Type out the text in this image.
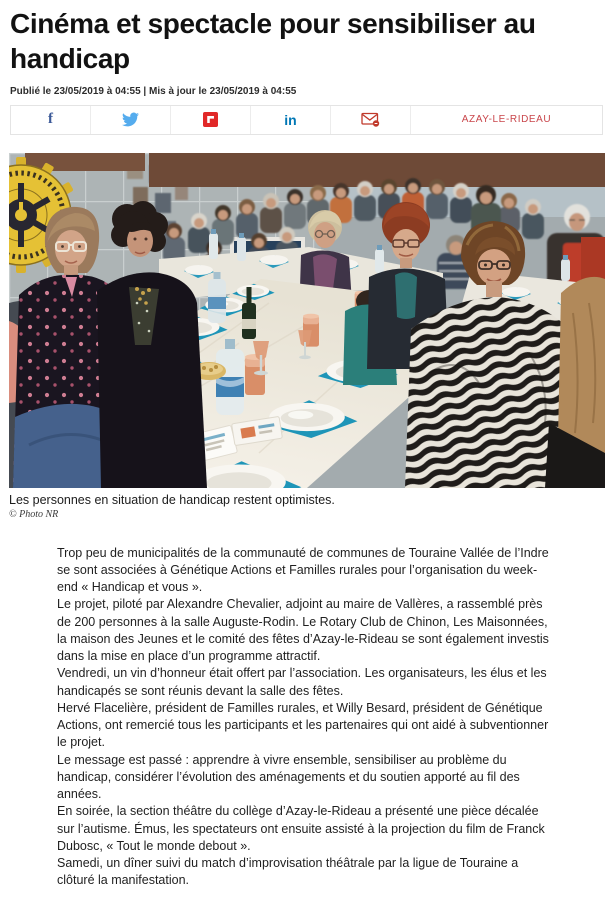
Cinéma et spectacle pour sensibiliser au handicap
Publié le 23/05/2019 à 04:55 | Mis à jour le 23/05/2019 à 04:55
f	in	AZAY-LE-RIDEAU
Les personnes en situation de handicap restent optimistes.
© Photo NR

Trop peu de municipalités de la communauté de communes de Touraine Vallée de l’Indre se sont associées à Génétique Actions et Familles rurales pour l’organisation du week-end « Handicap et vous ».

Le projet, piloté par Alexandre Chevalier, adjoint au maire de Vallères, a rassemblé près de 200 personnes à la salle Auguste-Rodin. Le Rotary Club de Chinon, Les Maisonnées, la maison des Jeunes et le comité des fêtes d’Azay-le-Rideau se sont également investis dans la mise en place d’un programme attractif.

Vendredi, un vin d’honneur était offert par l’association. Les organisateurs, les élus et les handicapés se sont réunis devant la salle des fêtes.

Hervé Flacelière, président de Familles rurales, et Willy Besard, président de Génétique Actions, ont remercié tous les participants et les partenaires qui ont aidé à subventionner le projet.

Le message est passé : apprendre à vivre ensemble, sensibiliser au problème du handicap, considérer l’évolution des aménagements et du soutien apporté au fil des années.

En soirée, la section théâtre du collège d’Azay-le-Rideau a présenté une pièce décalée sur l’autisme. Émus, les spectateurs ont ensuite assisté à la projection du film de Franck Dubosc, « Tout le monde debout ».

Samedi, un dîner suivi du match d’improvisation théâtrale par la ligue de Touraine a clôturé la manifestation.
